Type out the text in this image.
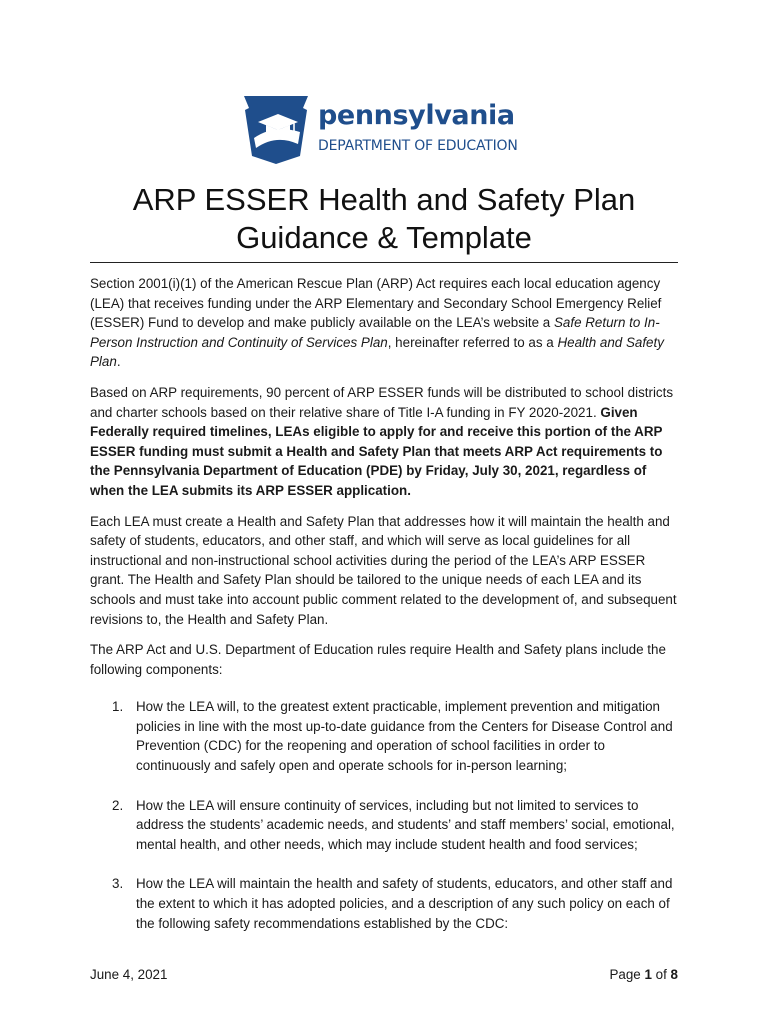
pennsylvania
DEPARTMENT OF EDUCATION
ARP ESSER Health and Safety Plan
Guidance & Template

Section 2001(i)(1) of the American Rescue Plan (ARP) Act requires each local education agency (LEA) that receives funding under the ARP Elementary and Secondary School Emergency Relief (ESSER) Fund to develop and make publicly available on the LEA’s website a Safe Return to In-Person Instruction and Continuity of Services Plan, hereinafter referred to as a Health and Safety Plan.

Based on ARP requirements, 90 percent of ARP ESSER funds will be distributed to school districts and charter schools based on their relative share of Title I-A funding in FY 2020-2021. Given Federally required timelines, LEAs eligible to apply for and receive this portion of the ARP ESSER funding must submit a Health and Safety Plan that meets ARP Act requirements to the Pennsylvania Department of Education (PDE) by Friday, July 30, 2021, regardless of when the LEA submits its ARP ESSER application.

Each LEA must create a Health and Safety Plan that addresses how it will maintain the health and safety of students, educators, and other staff, and which will serve as local guidelines for all instructional and non-instructional school activities during the period of the LEA’s ARP ESSER grant. The Health and Safety Plan should be tailored to the unique needs of each LEA and its schools and must take into account public comment related to the development of, and subsequent revisions to, the Health and Safety Plan.

The ARP Act and U.S. Department of Education rules require Health and Safety plans include the following components:

1. How the LEA will, to the greatest extent practicable, implement prevention and mitigation policies in line with the most up-to-date guidance from the Centers for Disease Control and Prevention (CDC) for the reopening and operation of school facilities in order to continuously and safely open and operate schools for in-person learning;
2. How the LEA will ensure continuity of services, including but not limited to services to address the students’ academic needs, and students’ and staff members’ social, emotional, mental health, and other needs, which may include student health and food services;
3. How the LEA will maintain the health and safety of students, educators, and other staff and the extent to which it has adopted policies, and a description of any such policy on each of the following safety recommendations established by the CDC:
June 4, 2021	Page 1 of 8
